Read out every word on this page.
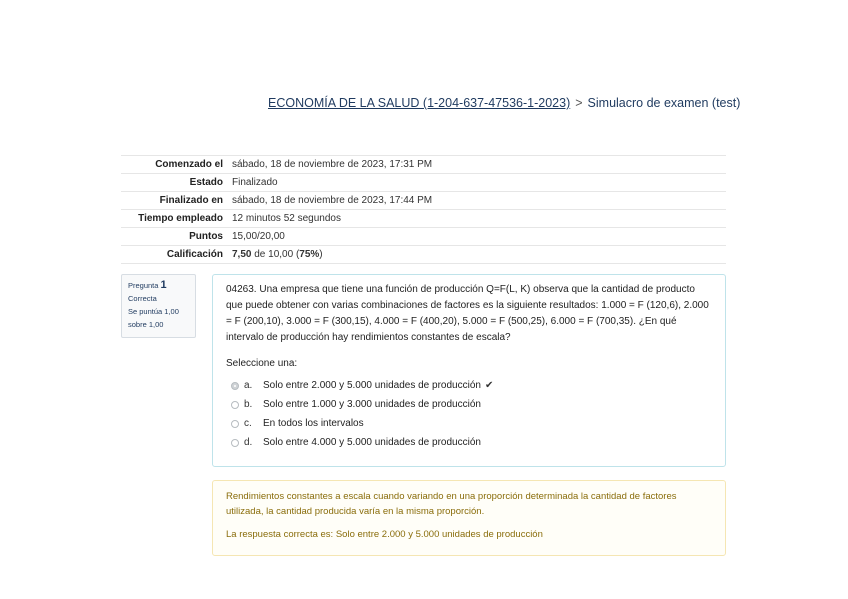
ECONOMÍA DE LA SALUD (1-204-637-47536-1-2023) > Simulacro de examen (test)
Comenzado el	sábado, 18 de noviembre de 2023, 17:31 PM
Estado	Finalizado
Finalizado en	sábado, 18 de noviembre de 2023, 17:44 PM
Tiempo empleado	12 minutos 52 segundos
Puntos	15,00/20,00
Calificación	7,50 de 10,00 (75%)
Pregunta 1
Correcta
Se puntúa 1,00
sobre 1,00

04263. Una empresa que tiene una función de producción Q=F(L, K) observa que la cantidad de producto que puede obtener con varias combinaciones de factores es la siguiente resultados: 1.000 = F (120,6), 2.000 = F (200,10), 3.000 = F (300,15), 4.000 = F (400,20), 5.000 = F (500,25), 6.000 = F (700,35). ¿En qué intervalo de producción hay rendimientos constantes de escala?

Seleccione una:
a.	Solo entre 2.000 y 5.000 unidades de producción ✔
b.	Solo entre 1.000 y 3.000 unidades de producción
c.	En todos los intervalos
d.	Solo entre 4.000 y 5.000 unidades de producción

Rendimientos constantes a escala cuando variando en una proporción determinada la cantidad de factores utilizada, la cantidad producida varía en la misma proporción.

La respuesta correcta es: Solo entre 2.000 y 5.000 unidades de producción
